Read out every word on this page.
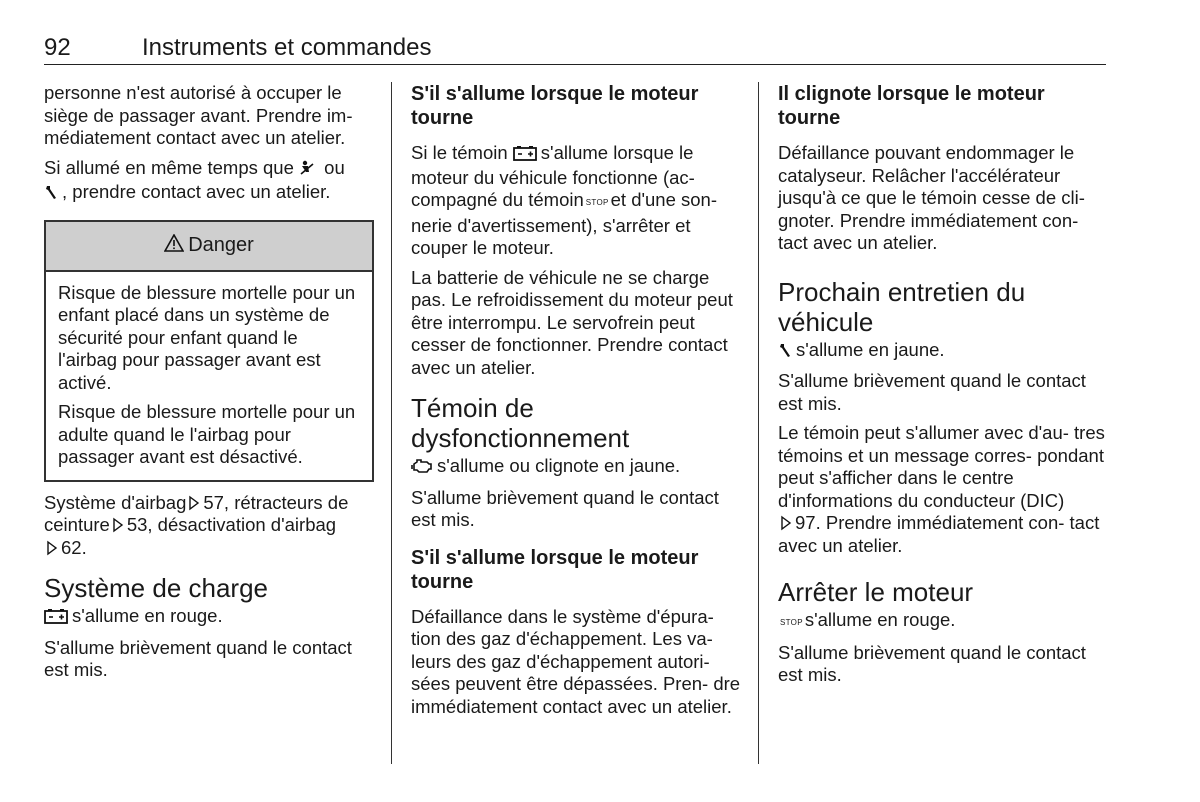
92	Instruments et commandes

personne n'est autorisé à occuper le siège de passager avant. Prendre im- médiatement contact avec un atelier.

Si allumé en même temps que ou
, prendre contact avec un atelier.

Danger

Risque de blessure mortelle pour un enfant placé dans un système de sécurité pour enfant quand le l'airbag pour passager avant est activé.

Risque de blessure mortelle pour un adulte quand le l'airbag pour passager avant est désactivé.

Système d'airbag 57, rétracteurs de ceinture 53, désactivation d'airbag
62.

Système de charge

s'allume en rouge.

S'allume brièvement quand le contact est mis.

S'il s'allume lorsque le moteur tourne

Si le témoin s'allume lorsque le moteur du véhicule fonctionne (ac- compagné du témoin STOP et d'une son- nerie d'avertissement), s'arrêter et couper le moteur.

La batterie de véhicule ne se charge pas. Le refroidissement du moteur peut être interrompu. Le servofrein peut cesser de fonctionner. Prendre contact avec un atelier.

Témoin de dysfonctionnement

s'allume ou clignote en jaune.

S'allume brièvement quand le contact est mis.

S'il s'allume lorsque le moteur tourne

Défaillance dans le système d'épura- tion des gaz d'échappement. Les va- leurs des gaz d'échappement autori- sées peuvent être dépassées. Pren- dre immédiatement contact avec un atelier.

Il clignote lorsque le moteur tourne

Défaillance pouvant endommager le catalyseur. Relâcher l'accélérateur jusqu'à ce que le témoin cesse de cli- gnoter. Prendre immédiatement con- tact avec un atelier.

Prochain entretien du véhicule

s'allume en jaune.

S'allume brièvement quand le contact est mis.

Le témoin peut s'allumer avec d'au- tres témoins et un message corres- pondant peut s'afficher dans le centre d'informations du conducteur (DIC)
97. Prendre immédiatement con- tact avec un atelier.

Arrêter le moteur

STOP s'allume en rouge.

S'allume brièvement quand le contact est mis.
